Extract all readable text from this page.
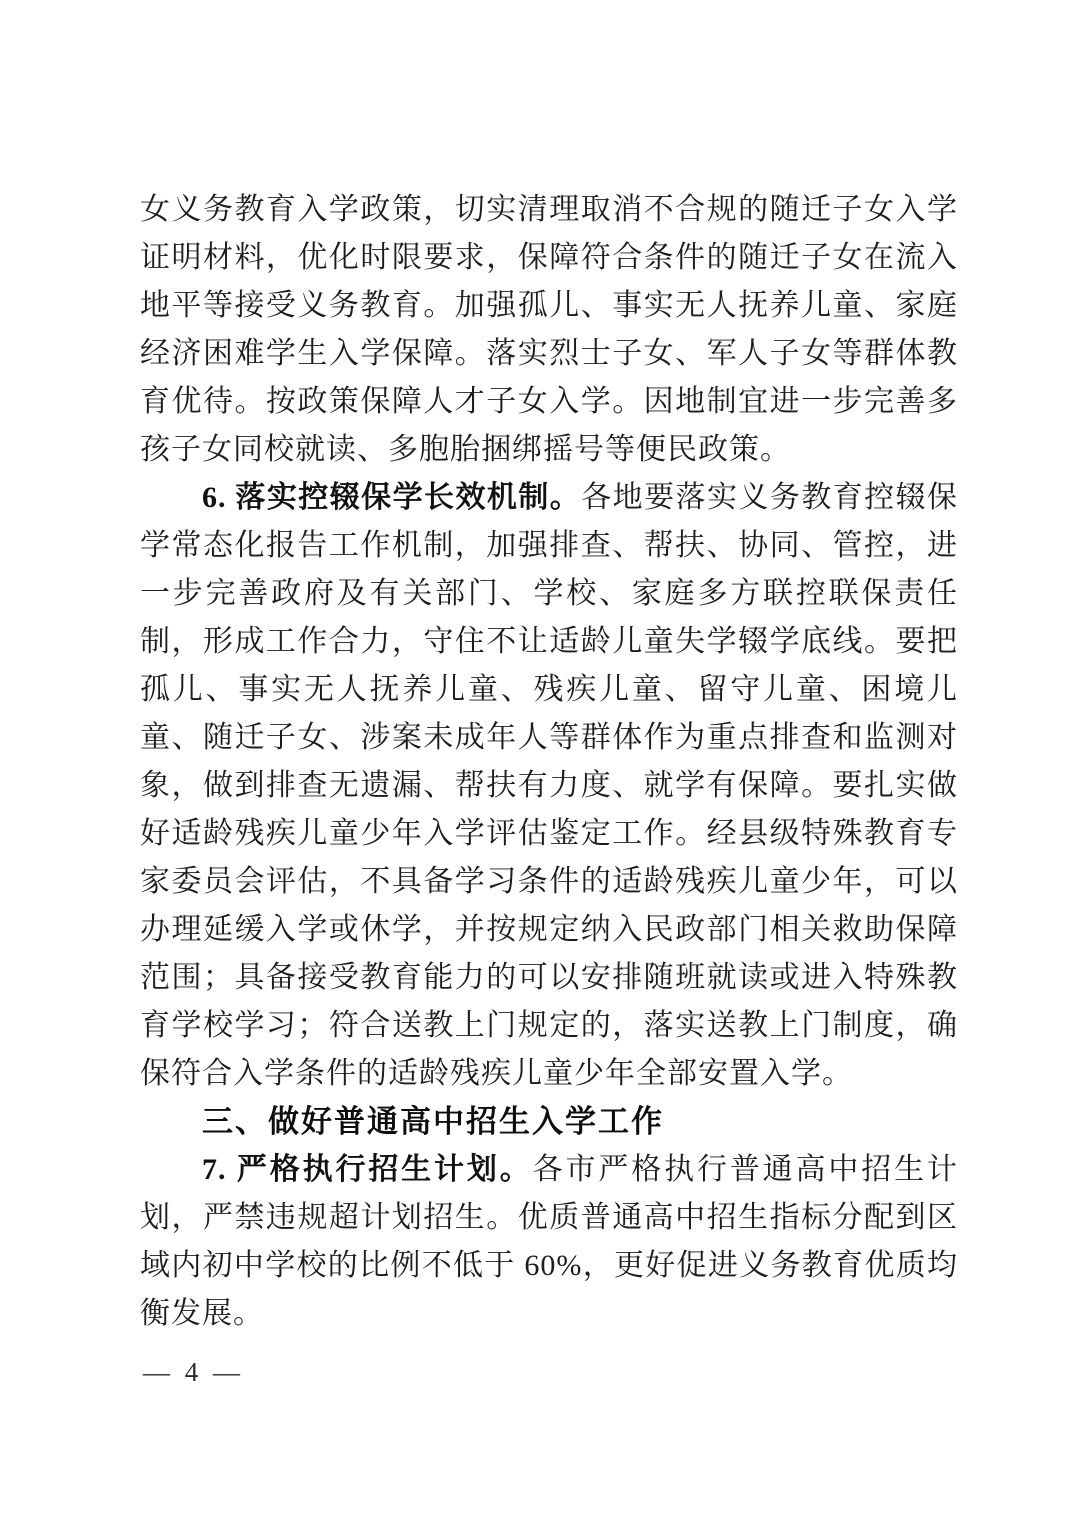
女义务教育入学政策，切实清理取消不合规的随迁子女入学证明材料，优化时限要求，保障符合条件的随迁子女在流入地平等接受义务教育。加强孤儿、事实无人抚养儿童、家庭经济困难学生入学保障。落实烈士子女、军人子女等群体教育优待。按政策保障人才子女入学。因地制宜进一步完善多孩子女同校就读、多胞胎捆绑摇号等便民政策。

6. 落实控辍保学长效机制。各地要落实义务教育控辍保学常态化报告工作机制，加强排查、帮扶、协同、管控，进一步完善政府及有关部门、学校、家庭多方联控联保责任制，形成工作合力，守住不让适龄儿童失学辍学底线。要把孤儿、事实无人抚养儿童、残疾儿童、留守儿童、困境儿童、随迁子女、涉案未成年人等群体作为重点排查和监测对象，做到排查无遗漏、帮扶有力度、就学有保障。要扎实做好适龄残疾儿童少年入学评估鉴定工作。经县级特殊教育专家委员会评估，不具备学习条件的适龄残疾儿童少年，可以办理延缓入学或休学，并按规定纳入民政部门相关救助保障范围；具备接受教育能力的可以安排随班就读或进入特殊教育学校学习；符合送教上门规定的，落实送教上门制度，确保符合入学条件的适龄残疾儿童少年全部安置入学。

三、做好普通高中招生入学工作

7. 严格执行招生计划。各市严格执行普通高中招生计划，严禁违规超计划招生。优质普通高中招生指标分配到区域内初中学校的比例不低于 60%，更好促进义务教育优质均衡发展。

— 4 —
